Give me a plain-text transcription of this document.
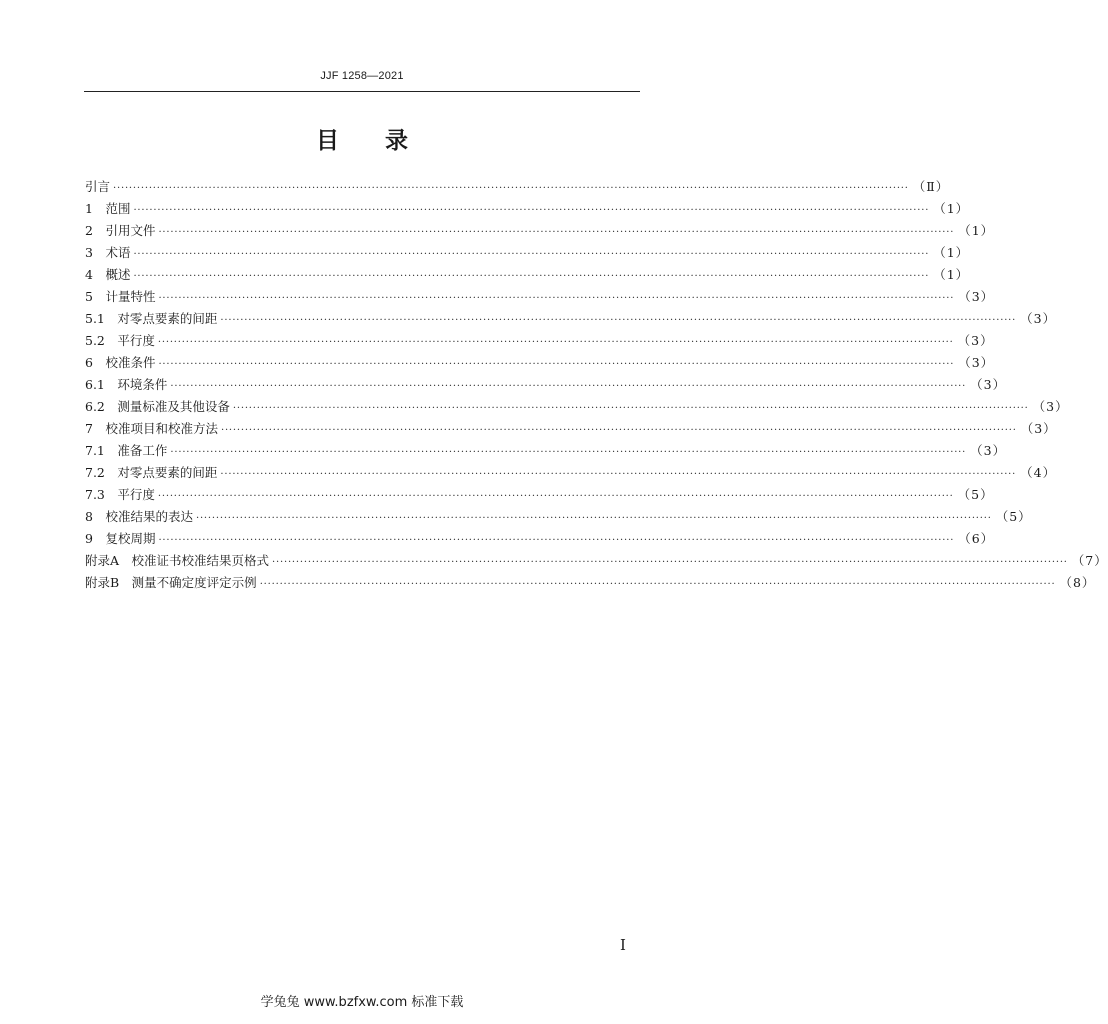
JJF 1258—2021
目　　录
引言 ········································································································································································································ （Ⅱ）
1　范围 ········································································································································································································ （1）
2　引用文件 ········································································································································································································ （1）
3　术语 ········································································································································································································ （1）
4　概述 ········································································································································································································ （1）
5　计量特性 ········································································································································································································ （3）
5.1　对零点要素的间距 ········································································································································································································ （3）
5.2　平行度 ········································································································································································································ （3）
6　校准条件 ········································································································································································································ （3）
6.1　环境条件 ········································································································································································································ （3）
6.2　测量标准及其他设备 ········································································································································································································ （3）
7　校准项目和校准方法 ········································································································································································································ （3）
7.1　准备工作 ········································································································································································································ （3）
7.2　对零点要素的间距 ········································································································································································································ （4）
7.3　平行度 ········································································································································································································ （5）
8　校准结果的表达 ········································································································································································································ （5）
9　复校周期 ········································································································································································································ （6）
附录A　校准证书校准结果页格式 ········································································································································································································ （7）
附录B　测量不确定度评定示例 ········································································································································································································ （8）
I
学兔兔 www.bzfxw.com 标准下载
